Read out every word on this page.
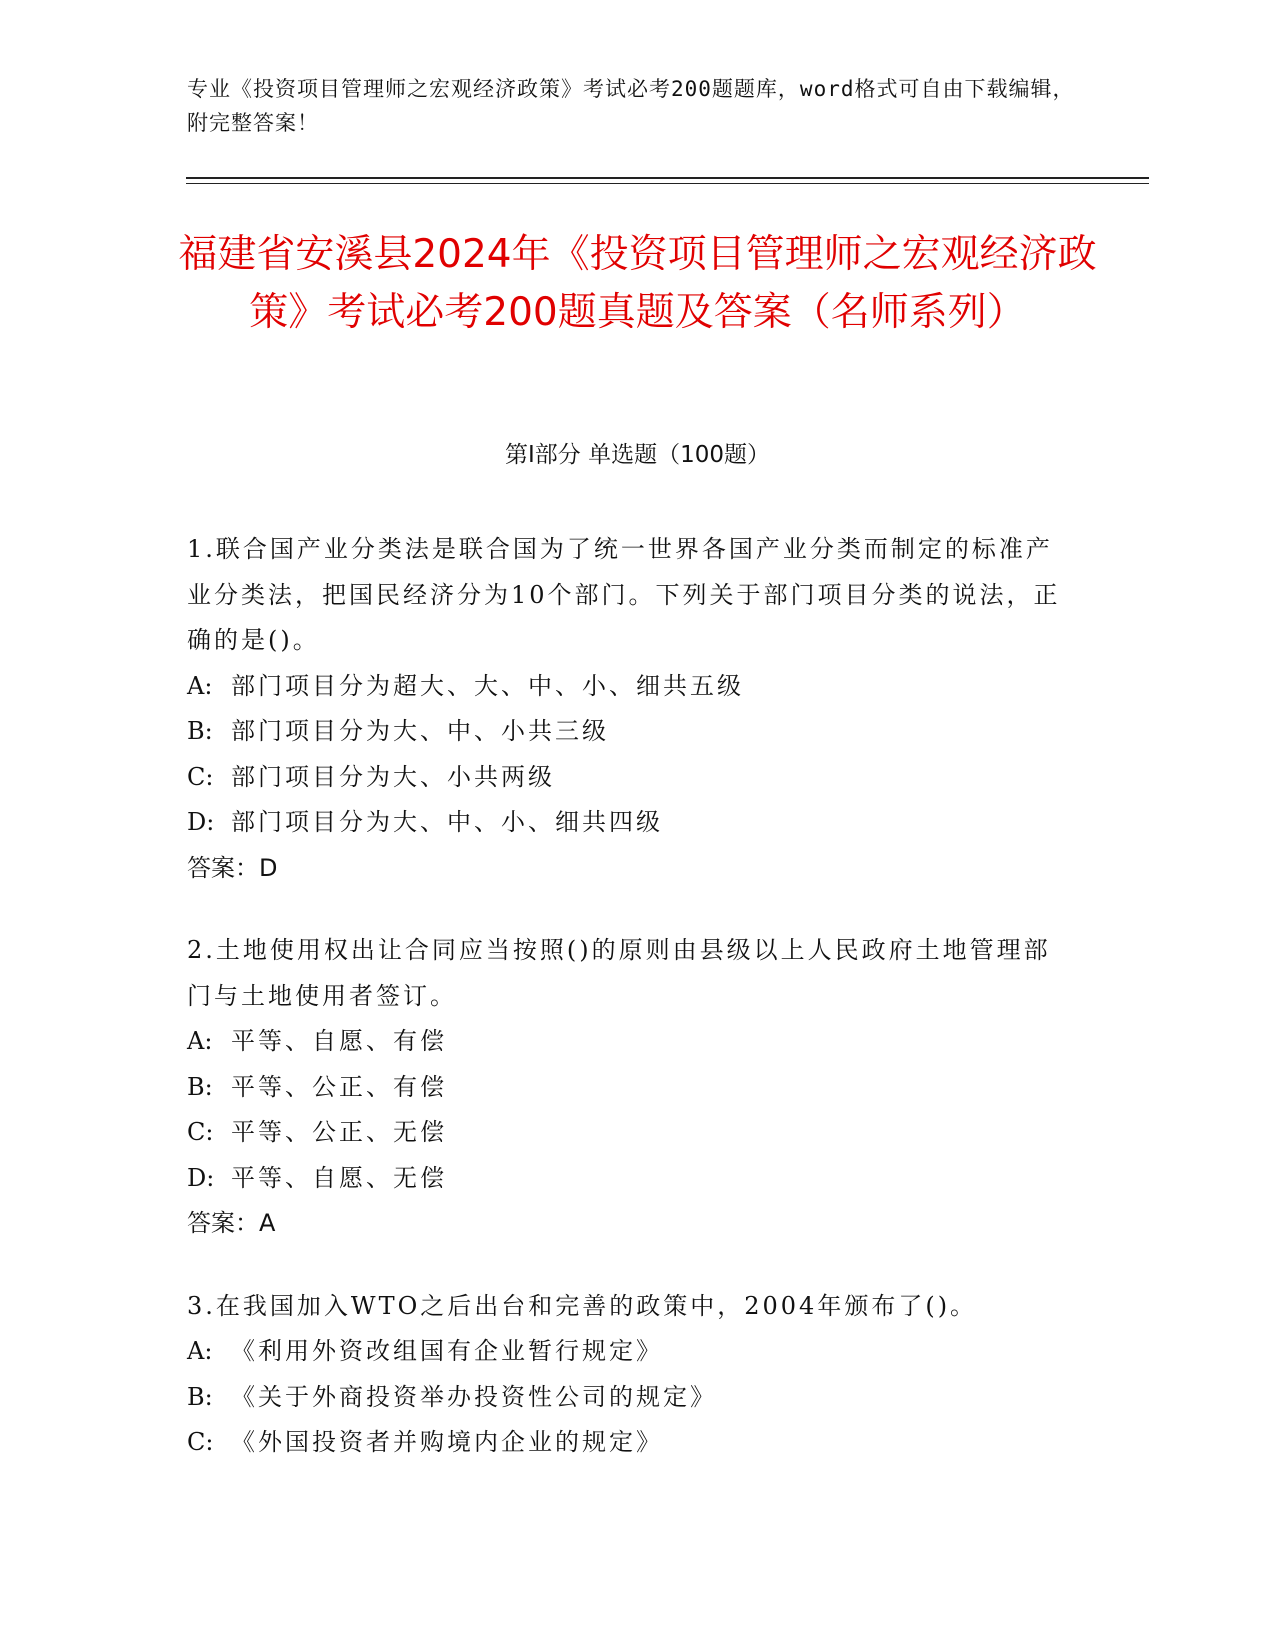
专业《投资项目管理师之宏观经济政策》考试必考200题题库，word格式可自由下载编辑，附完整答案！
福建省安溪县2024年《投资项目管理师之宏观经济政策》考试必考200题真题及答案（名师系列）
第I部分 单选题（100题）
1.联合国产业分类法是联合国为了统一世界各国产业分类而制定的标准产业分类法，把国民经济分为10个部门。下列关于部门项目分类的说法，正确的是()。
A: 部门项目分为超大、大、中、小、细共五级
B: 部门项目分为大、中、小共三级
C: 部门项目分为大、小共两级
D: 部门项目分为大、中、小、细共四级
答案：D
2.土地使用权出让合同应当按照()的原则由县级以上人民政府土地管理部门与土地使用者签订。
A: 平等、自愿、有偿
B: 平等、公正、有偿
C: 平等、公正、无偿
D: 平等、自愿、无偿
答案：A
3.在我国加入WTO之后出台和完善的政策中，2004年颁布了()。
A: 《利用外资改组国有企业暂行规定》
B: 《关于外商投资举办投资性公司的规定》
C: 《外国投资者并购境内企业的规定》
